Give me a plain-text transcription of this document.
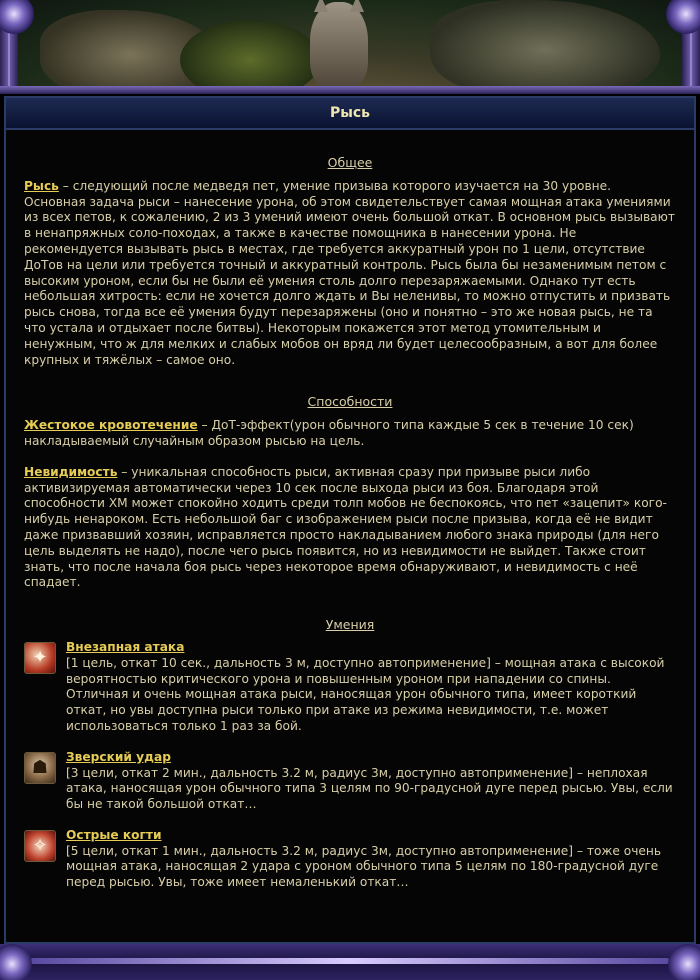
Рысь
Общее

Рысь – следующий после медведя пет, умение призыва которого изучается на 30 уровне. Основная задача рыси – нанесение урона, об этом свидетельствует самая мощная атака умениями из всех петов, к сожалению, 2 из 3 умений имеют очень большой откат. В основном рысь вызывают в ненапряжных соло-походах, а также в качестве помощника в нанесении урона. Не рекомендуется вызывать рысь в местах, где требуется аккуратный урон по 1 цели, отсутствие ДоТов на цели или требуется точный и аккуратный контроль. Рысь была бы незаменимым петом с высоким уроном, если бы не были её умения столь долго перезаряжаемыми. Однако тут есть небольшая хитрость: если не хочется долго ждать и Вы неленивы, то можно отпустить и призвать рысь снова, тогда все её умения будут перезаряжены (оно и понятно – это же новая рысь, не та что устала и отдыхает после битвы). Некоторым покажется этот метод утомительным и ненужным, что ж для мелких и слабых мобов он вряд ли будет целесообразным, а вот для более крупных и тяжёлых – самое оно.

Способности

Жестокое кровотечение – ДоТ-эффект(урон обычного типа каждые 5 сек в течение 10 сек) накладываемый случайным образом рысью на цель.

Невидимость – уникальная способность рыси, активная сразу при призыве рыси либо активизируемая автоматически через 10 сек после выхода рыси из боя. Благодаря этой способности ХМ может спокойно ходить среди толп мобов не беспокоясь, что пет «зацепит» кого-нибудь ненароком. Есть небольшой баг с изображением рыси после призыва, когда её не видит даже призвавший хозяин, исправляется просто накладыванием любого знака природы (для него цель выделять не надо), после чего рысь появится, но из невидимости не выйдет. Также стоит знать, что после начала боя рысь через некоторое время обнаруживают, и невидимость с неё спадает.

Умения
✦
Внезапная атака

[1 цель, откат 10 сек., дальность 3 м, доступно автоприменение] – мощная атака с высокой вероятностью критического урона и повышенным уроном при нападении со спины. Отличная и очень мощная атака рыси, наносящая урон обычного типа, имеет короткий откат, но увы доступна рыси только при атаке из режима невидимости, т.е. может использоваться только 1 раз за бой.

☗
Зверский удар

[3 цели, откат 2 мин., дальность 3.2 м, радиус 3м, доступно автоприменение] – неплохая атака, наносящая урон обычного типа 3 целям по 90-градусной дуге перед рысью. Увы, если бы не такой большой откат…

✧
Острые когти

[5 цели, откат 1 мин., дальность 3.2 м, радиус 3м, доступно автоприменение] – тоже очень мощная атака, наносящая 2 удара с уроном обычного типа 5 целям по 180-градусной дуге перед рысью. Увы, тоже имеет немаленький откат…
